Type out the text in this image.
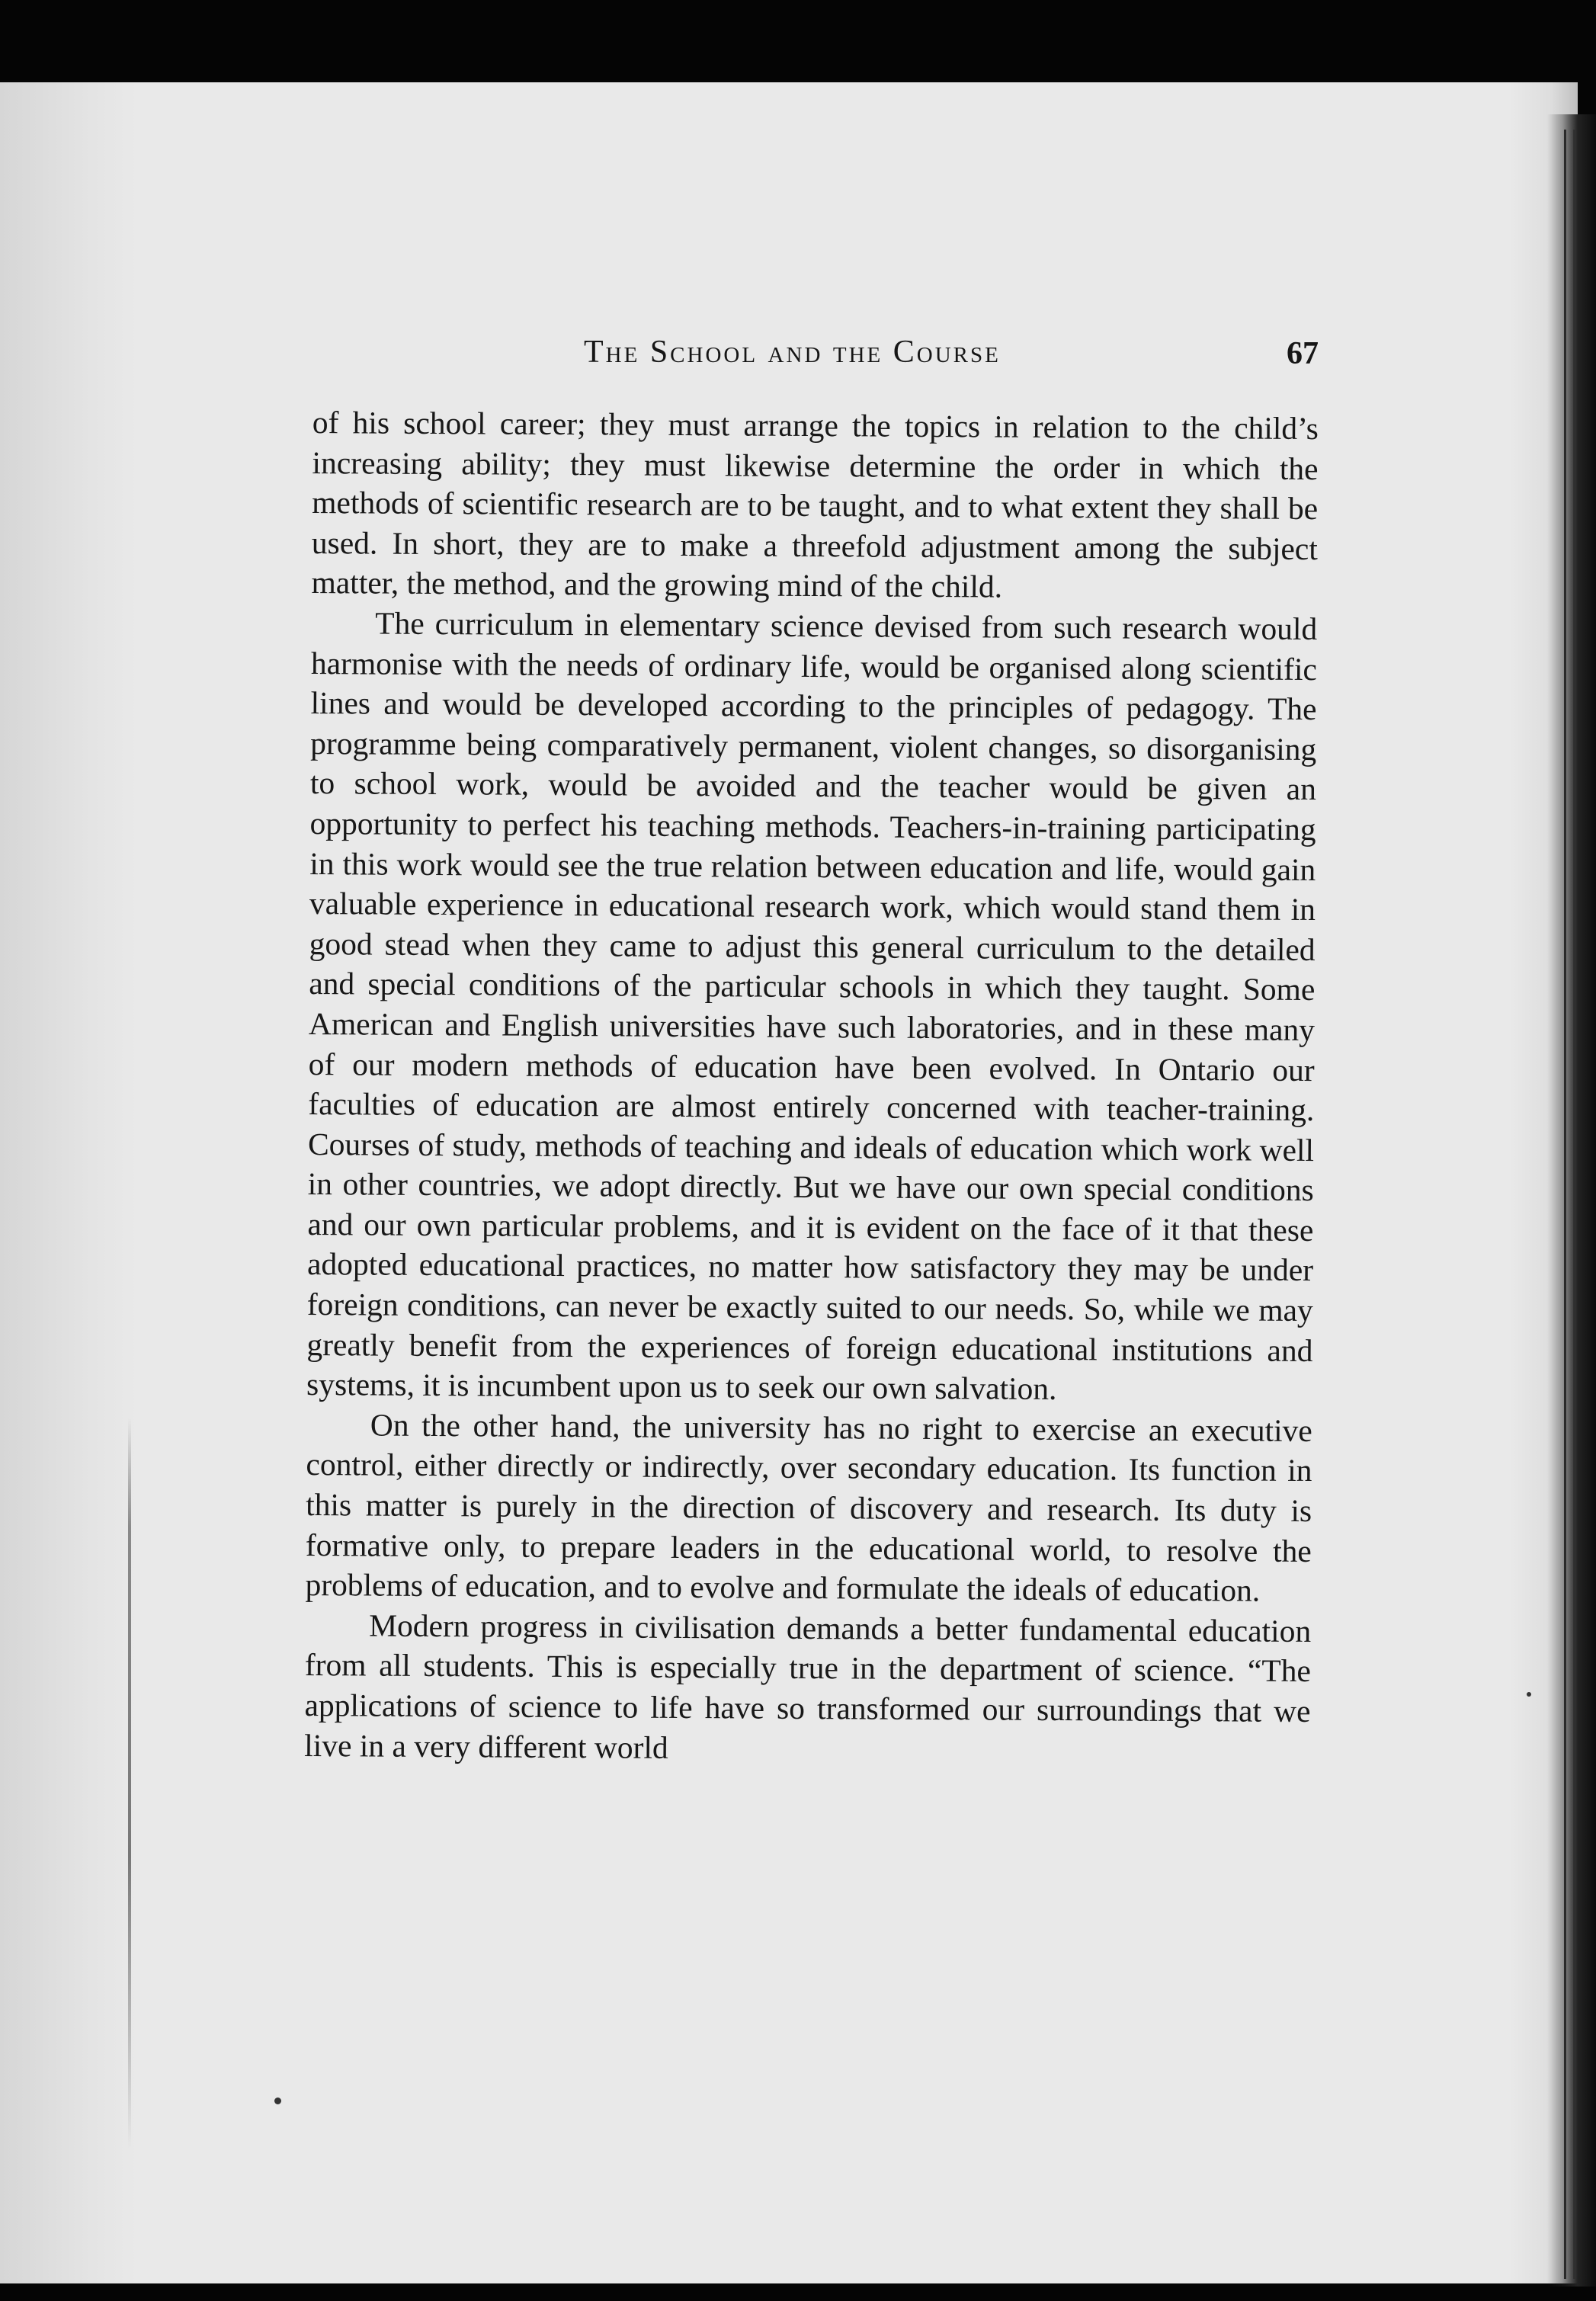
The School and the Course	67

of his school career; they must arrange the topics in relation to the child’s increasing ability; they must likewise determine the order in which the methods of scientific research are to be taught, and to what extent they shall be used. In short, they are to make a threefold adjustment among the subject matter, the method, and the growing mind of the child.

The curriculum in elementary science devised from such research would harmonise with the needs of ordinary life, would be organised along scientific lines and would be developed according to the principles of pedagogy. The programme being comparatively permanent, violent changes, so disorganising to school work, would be avoided and the teacher would be given an opportunity to perfect his teaching methods. Teachers-in-training participating in this work would see the true relation between education and life, would gain valuable experience in educational research work, which would stand them in good stead when they came to adjust this general curriculum to the detailed and special conditions of the particular schools in which they taught. Some American and English universities have such laboratories, and in these many of our modern methods of education have been evolved. In Ontario our faculties of education are almost entirely concerned with teacher-training. Courses of study, methods of teaching and ideals of education which work well in other countries, we adopt directly. But we have our own special conditions and our own particular problems, and it is evident on the face of it that these adopted educational practices, no matter how satisfactory they may be under foreign conditions, can never be exactly suited to our needs. So, while we may greatly benefit from the experiences of foreign educational institutions and systems, it is incumbent upon us to seek our own salvation.

On the other hand, the university has no right to exercise an executive control, either directly or indirectly, over secondary education. Its function in this matter is purely in the direction of discovery and research. Its duty is formative only, to prepare leaders in the educational world, to resolve the problems of education, and to evolve and formulate the ideals of education.

Modern progress in civilisation demands a better fundamental education from all students. This is especially true in the department of science. “The applications of science to life have so transformed our surroundings that we live in a very different world
